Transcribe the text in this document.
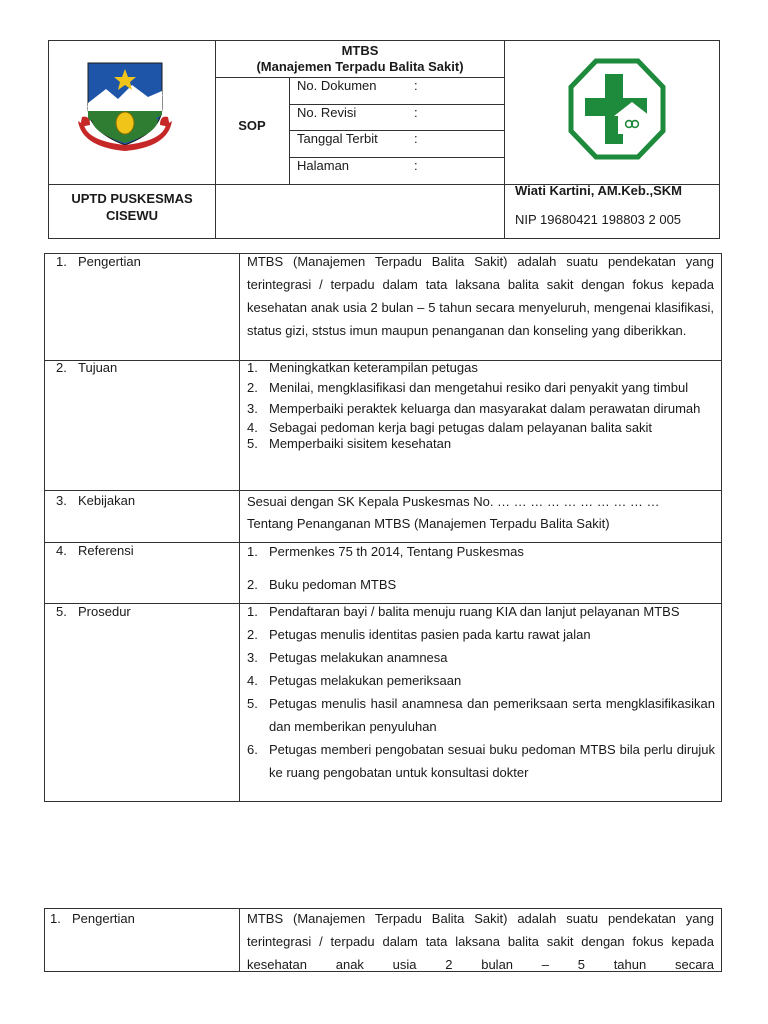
MTBS
(Manajemen Terpadu Balita Sakit)
SOP
No. Dokumen	:
No. Revisi	:
Tanggal Terbit	:
Halaman	:
UPTD PUSKESMAS
CISEWU
Wiati Kartini, AM.Keb.,SKM
NIP 19680421 198803 2 005
1. Pengertian	MTBS (Manajemen Terpadu Balita Sakit) adalah suatu pendekatan yang terintegrasi / terpadu dalam tata laksana balita sakit dengan fokus kepada kesehatan anak usia 2 bulan – 5 tahun secara menyeluruh, mengenai klasifikasi, status gizi, ststus imun maupun penanganan dan konseling yang diberikkan.
2. Tujuan	1. Meningkatkan keterampilan petugas
2. Menilai, mengklasifikasi dan mengetahui resiko dari penyakit yang timbul
3. Memperbaiki peraktek keluarga dan masyarakat dalam perawatan dirumah
4. Sebagai pedoman kerja bagi petugas dalam pelayanan balita sakit
5. Memperbaiki sisitem kesehatan
3. Kebijakan	Sesuai dengan SK Kepala Puskesmas No. … … … … … … … … … …
Tentang Penanganan MTBS (Manajemen Terpadu Balita Sakit)
4. Referensi	1. Permenkes 75 th 2014, Tentang Puskesmas
2. Buku pedoman MTBS
5. Prosedur	1. Pendaftaran bayi / balita menuju ruang KIA dan lanjut pelayanan MTBS
2. Petugas menulis identitas pasien pada kartu rawat jalan
3. Petugas melakukan anamnesa
4. Petugas melakukan pemeriksaan
5. Petugas menulis hasil anamnesa dan pemeriksaan serta mengklasifikasikan dan memberikan penyuluhan
6. Petugas memberi pengobatan sesuai buku pedoman MTBS bila perlu dirujuk ke ruang pengobatan untuk konsultasi dokter
1. Pengertian	MTBS (Manajemen Terpadu Balita Sakit) adalah suatu pendekatan yang terintegrasi / terpadu dalam tata laksana balita sakit dengan fokus kepada kesehatan anak usia 2 bulan – 5 tahun secara
